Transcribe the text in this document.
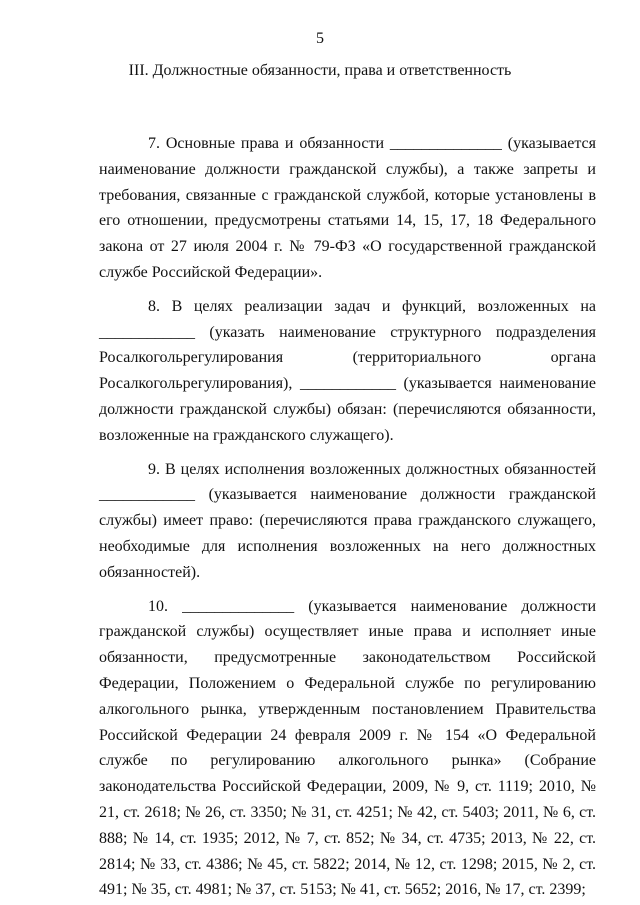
5
III. Должностные обязанности, права и ответственность

7. Основные права и обязанности ______________ (указывается наименование должности гражданской службы), а также запреты и требования, связанные с гражданской службой, которые установлены в его отношении, предусмотрены статьями 14, 15, 17, 18 Федерального закона от 27 июля 2004 г. № 79-ФЗ «О государственной гражданской службе Российской Федерации».

8. В целях реализации задач и функций, возложенных на ____________ (указать наименование структурного подразделения Росалкогольрегулирования (территориального органа Росалкогольрегулирования), ____________ (указывается наименование должности гражданской службы) обязан: (перечисляются обязанности, возложенные на гражданского служащего).

9. В целях исполнения возложенных должностных обязанностей ____________ (указывается наименование должности гражданской службы) имеет право: (перечисляются права гражданского служащего, необходимые для исполнения возложенных на него должностных обязанностей).

10. ______________ (указывается наименование должности гражданской службы) осуществляет иные права и исполняет иные обязанности, предусмотренные законодательством Российской Федерации, Положением о Федеральной службе по регулированию алкогольного рынка, утвержденным постановлением Правительства Российской Федерации 24 февраля 2009 г. № 154 «О Федеральной службе по регулированию алкогольного рынка» (Собрание законодательства Российской Федерации, 2009, № 9, ст. 1119; 2010, № 21, ст. 2618; № 26, ст. 3350; № 31, ст. 4251; № 42, ст. 5403; 2011, № 6, ст. 888; № 14, ст. 1935; 2012, № 7, ст. 852; № 34, ст. 4735; 2013, № 22, ст. 2814; № 33, ст. 4386; № 45, ст. 5822; 2014, № 12, ст. 1298; 2015, № 2, ст. 491; № 35, ст. 4981; № 37, ст. 5153; № 41, ст. 5652; 2016, № 17, ст. 2399;
